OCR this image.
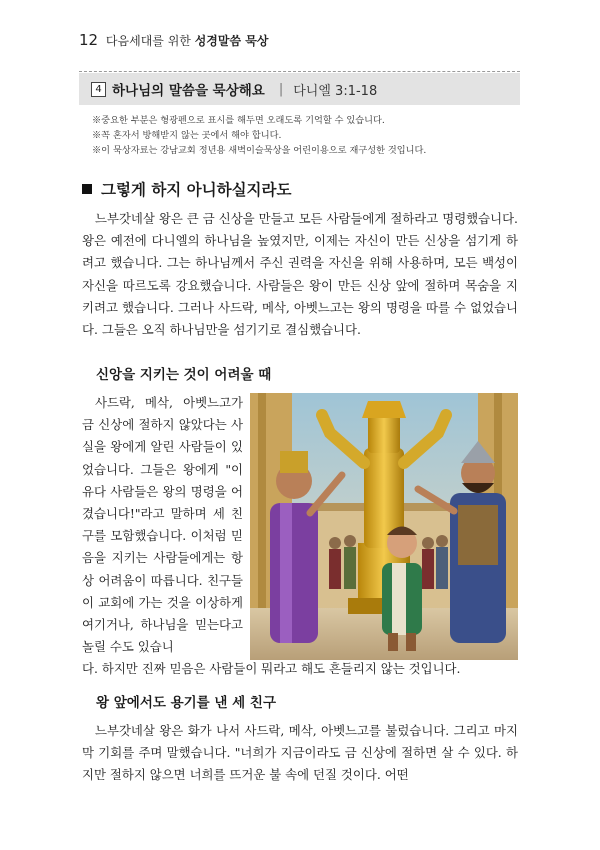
12 다음세대를 위한 성경말씀 묵상
4 하나님의 말씀을 묵상해요 | 다니엘 3:1-18
※중요한 부분은 형광펜으로 표시를 해두면 오래도록 기억할 수 있습니다.
※꼭 혼자서 방해받지 않는 곳에서 해야 합니다.
※이 묵상자료는 강남교회 정년용 새벽이슬묵상을 어린이용으로 재구성한 것입니다.
그렇게 하지 아니하실지라도
느부갓네살 왕은 큰 금 신상을 만들고 모든 사람들에게 절하라고 명령했습니다. 왕은 예전에 다니엘의 하나님을 높였지만, 이제는 자신이 만든 신상을 섬기게 하려고 했습니다. 그는 하나님께서 주신 권력을 자신을 위해 사용하며, 모든 백성이 자신을 따르도록 강요했습니다. 사람들은 왕이 만든 신상 앞에 절하며 목숨을 지키려고 했습니다. 그러나 사드락, 메삭, 아벳느고는 왕의 명령을 따를 수 없었습니다. 그들은 오직 하나님만을 섬기기로 결심했습니다.
신앙을 지키는 것이 어려울 때
사드락, 메삭, 아벳느고가 금 신상에 절하지 않았다는 사실을 왕에게 알린 사람들이 있었습니다. 그들은 왕에게 "이 유다 사람들은 왕의 명령을 어겼습니다!"라고 말하며 세 친구를 모함했습니다. 이처럼 믿음을 지키는 사람들에게는 항상 어려움이 따릅니다. 친구들이 교회에 가는 것을 이상하게 여기거나, 하나님을 믿는다고 놀릴 수도 있습니
다. 하지만 진짜 믿음은 사람들이 뭐라고 해도 흔들리지 않는 것입니다.
왕 앞에서도 용기를 낸 세 친구
느부갓네살 왕은 화가 나서 사드락, 메삭, 아벳느고를 불렀습니다. 그리고 마지막 기회를 주며 말했습니다. "너희가 지금이라도 금 신상에 절하면 살 수 있다. 하지만 절하지 않으면 너희를 뜨거운 불 속에 던질 것이다. 어떤
